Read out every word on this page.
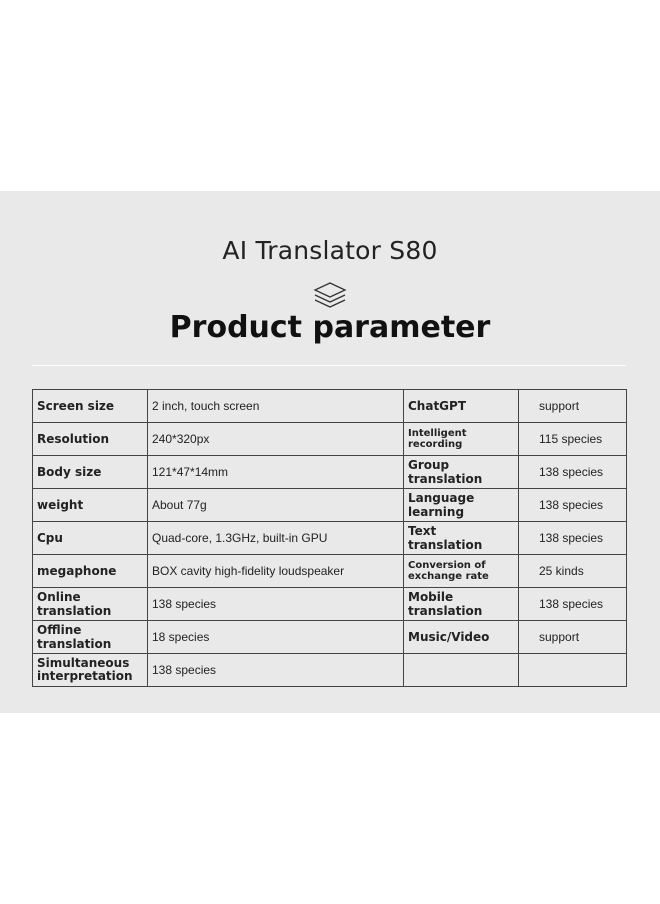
AI Translator S80
Product parameter
Screen size	2 inch, touch screen	ChatGPT	support
Resolution	240*320px	Intelligent recording	115 species
Body size	121*47*14mm	Group translation	138 species
weight	About 77g	Language learning	138 species
Cpu	Quad-core, 1.3GHz, built-in GPU	Text translation	138 species
megaphone	BOX cavity high-fidelity loudspeaker	Conversion of exchange rate	25 kinds
Online translation	138 species	Mobile translation	138 species
Offline translation	18 species	Music/Video	support
Simultaneous interpretation	138 species		
